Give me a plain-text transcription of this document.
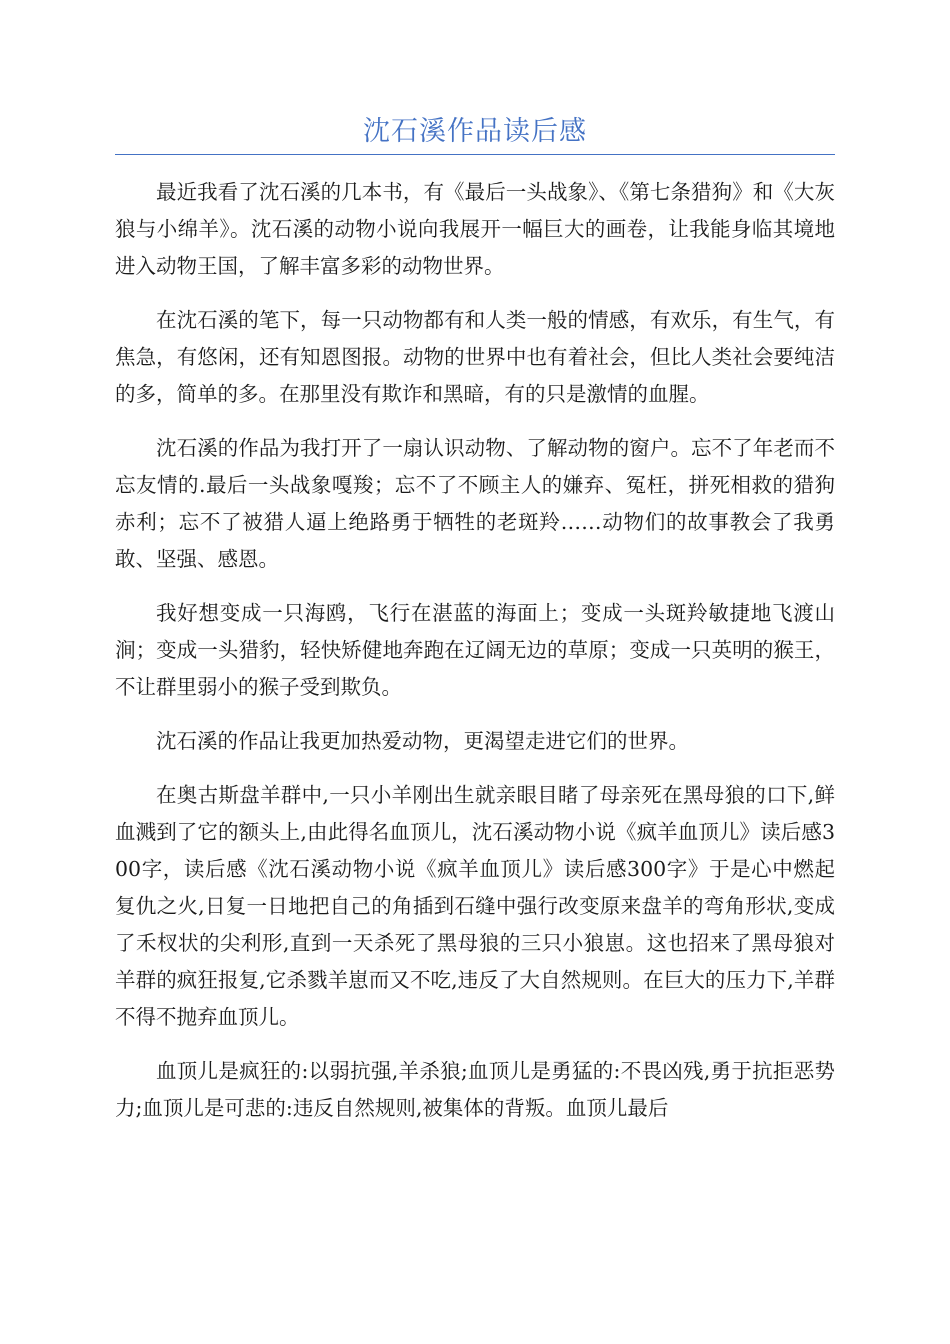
沈石溪作品读后感

最近我看了沈石溪的几本书，有《最后一头战象》、《第七条猎狗》和《大灰狼与小绵羊》。沈石溪的动物小说向我展开一幅巨大的画卷，让我能身临其境地进入动物王国，了解丰富多彩的动物世界。

在沈石溪的笔下，每一只动物都有和人类一般的情感，有欢乐，有生气，有焦急，有悠闲，还有知恩图报。动物的世界中也有着社会，但比人类社会要纯洁的多，简单的多。在那里没有欺诈和黑暗，有的只是激情的血腥。

沈石溪的作品为我打开了一扇认识动物、了解动物的窗户。忘不了年老而不忘友情的.最后一头战象嘎羧；忘不了不顾主人的嫌弃、冤枉，拼死相救的猎狗赤利；忘不了被猎人逼上绝路勇于牺牲的老斑羚……动物们的故事教会了我勇敢、坚强、感恩。

我好想变成一只海鸥，飞行在湛蓝的海面上；变成一头斑羚敏捷地飞渡山涧；变成一头猎豹，轻快矫健地奔跑在辽阔无边的草原；变成一只英明的猴王，不让群里弱小的猴子受到欺负。

沈石溪的作品让我更加热爱动物，更渴望走进它们的世界。

在奥古斯盘羊群中,一只小羊刚出生就亲眼目睹了母亲死在黑母狼的口下,鲜血溅到了它的额头上,由此得名血顶儿，沈石溪动物小说《疯羊血顶儿》读后感300字，读后感《沈石溪动物小说《疯羊血顶儿》读后感300字》于是心中燃起复仇之火,日复一日地把自己的角插到石缝中强行改变原来盘羊的弯角形状,变成了禾杈状的尖利形,直到一天杀死了黑母狼的三只小狼崽。这也招来了黑母狼对羊群的疯狂报复,它杀戮羊崽而又不吃,违反了大自然规则。在巨大的压力下,羊群不得不抛弃血顶儿。

血顶儿是疯狂的:以弱抗强,羊杀狼;血顶儿是勇猛的:不畏凶残,勇于抗拒恶势力;血顶儿是可悲的:违反自然规则,被集体的背叛。血顶儿最后
